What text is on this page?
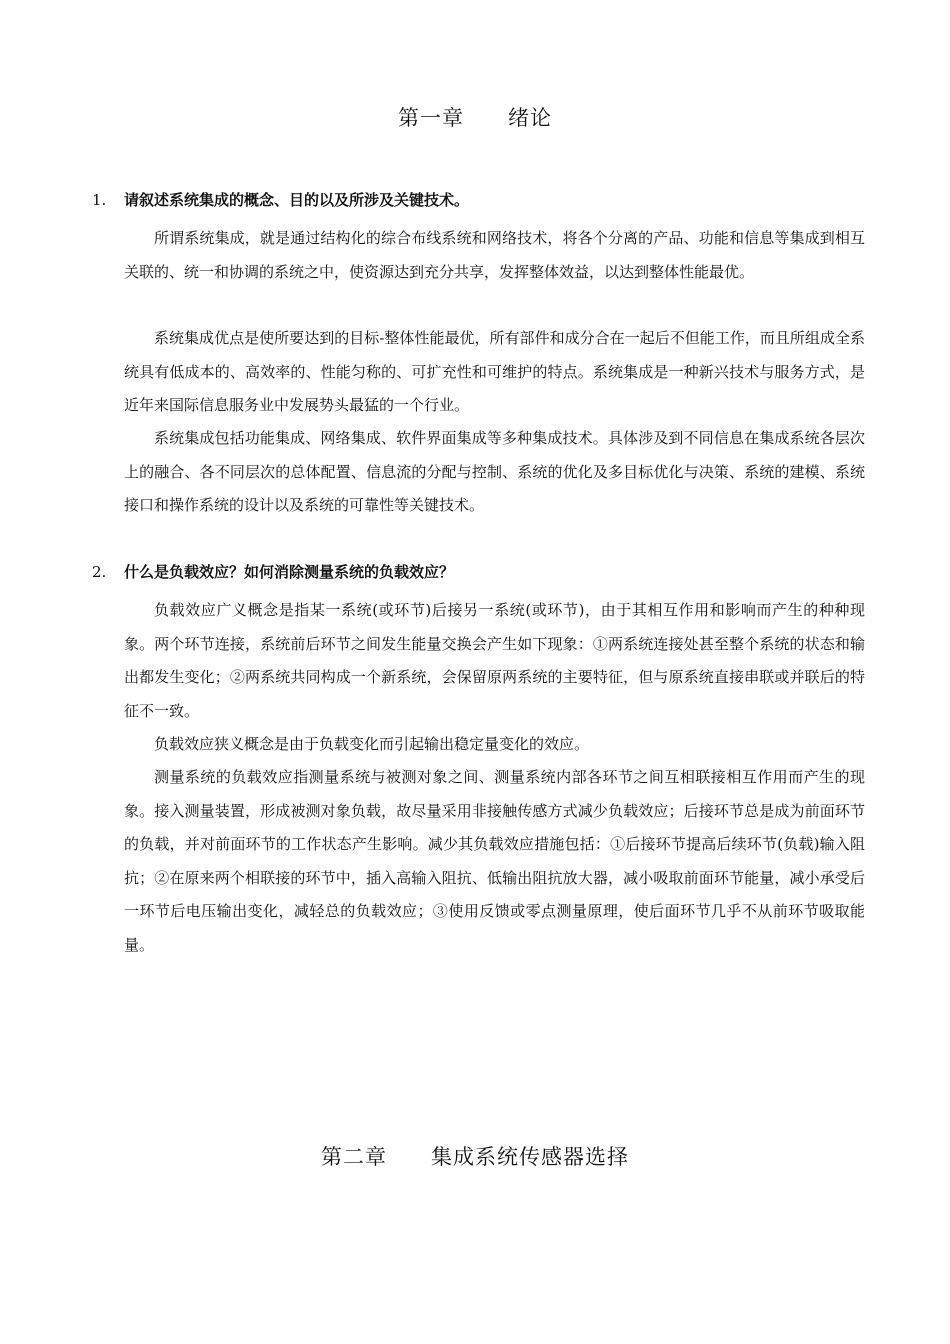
第一章　　绪论
1. 请叙述系统集成的概念、目的以及所涉及关键技术。

所谓系统集成，就是通过结构化的综合布线系统和网络技术，将各个分离的产品、功能和信息等集成到相互关联的、统一和协调的系统之中，使资源达到充分共享，发挥整体效益，以达到整体性能最优。

系统集成优点是使所要达到的目标-整体性能最优，所有部件和成分合在一起后不但能工作，而且所组成全系统具有低成本的、高效率的、性能匀称的、可扩充性和可维护的特点。系统集成是一种新兴技术与服务方式，是近年来国际信息服务业中发展势头最猛的一个行业。

系统集成包括功能集成、网络集成、软件界面集成等多种集成技术。具体涉及到不同信息在集成系统各层次上的融合、各不同层次的总体配置、信息流的分配与控制、系统的优化及多目标优化与决策、系统的建模、系统接口和操作系统的设计以及系统的可靠性等关键技术。

2. 什么是负载效应？如何消除测量系统的负载效应？

负载效应广义概念是指某一系统(或环节)后接另一系统(或环节)，由于其相互作用和影响而产生的种种现象。两个环节连接，系统前后环节之间发生能量交换会产生如下现象：①两系统连接处甚至整个系统的状态和输出都发生变化；②两系统共同构成一个新系统，会保留原两系统的主要特征，但与原系统直接串联或并联后的特征不一致。

负载效应狭义概念是由于负载变化而引起输出稳定量变化的效应。

测量系统的负载效应指测量系统与被测对象之间、测量系统内部各环节之间互相联接相互作用而产生的现象。接入测量装置，形成被测对象负载，故尽量采用非接触传感方式减少负载效应；后接环节总是成为前面环节的负载，并对前面环节的工作状态产生影响。减少其负载效应措施包括：①后接环节提高后续环节(负载)输入阻抗；②在原来两个相联接的环节中，插入高输入阻抗、低输出阻抗放大器，减小吸取前面环节能量，减小承受后一环节后电压输出变化，减轻总的负载效应；③使用反馈或零点测量原理，使后面环节几乎不从前环节吸取能量。

第二章　　集成系统传感器选择
